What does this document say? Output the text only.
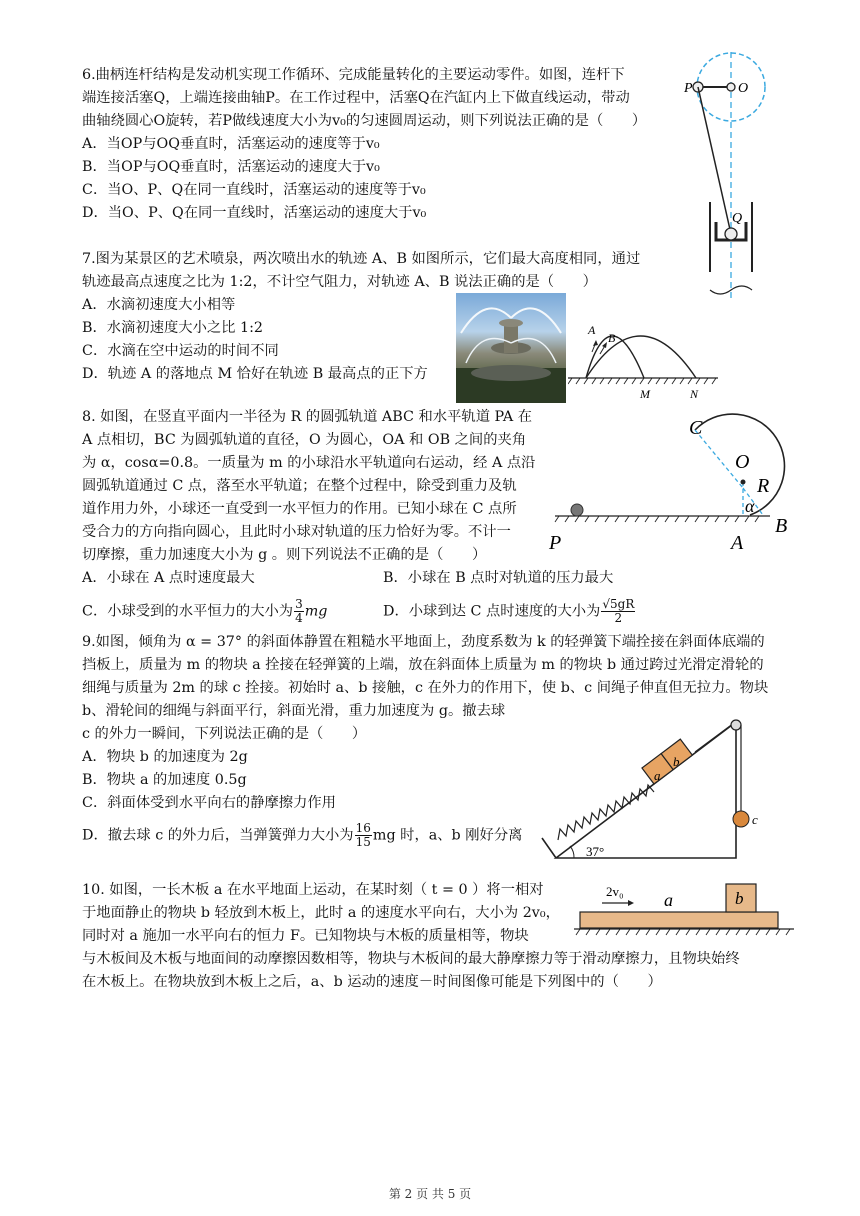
6.曲柄连杆结构是发动机实现工作循环、完成能量转化的主要运动零件。如图，连杆下
端连接活塞Q，上端连接曲轴P。在工作过程中，活塞Q在汽缸内上下做直线运动，带动
曲轴绕圆心O旋转，若P做线速度大小为v₀的匀速圆周运动，则下列说法正确的是（　　）
A．当OP与OQ垂直时，活塞运动的速度等于v₀
B．当OP与OQ垂直时，活塞运动的速度大于v₀
C．当O、P、Q在同一直线时，活塞运动的速度等于v₀
D．当O、P、Q在同一直线时，活塞运动的速度大于v₀
P	O
Q
7.图为某景区的艺术喷泉，两次喷出水的轨迹 A、B 如图所示，它们最大高度相同，通过
轨迹最高点速度之比为 1:2，不计空气阻力，对轨迹 A、B 说法正确的是（　　）
A．水滴初速度大小相等
B．水滴初速度大小之比 1:2
C．水滴在空中运动的时间不同
D．轨迹 A 的落地点 M 恰好在轨迹 B 最高点的正下方
A
B
M	N
8. 如图，在竖直平面内一半径为 R 的圆弧轨道 ABC 和水平轨道 PA 在
A 点相切，BC 为圆弧轨道的直径，O 为圆心，OA 和 OB 之间的夹角
为 α，cosα=0.8。一质量为 m 的小球沿水平轨道向右运动，经 A 点沿
圆弧轨道通过 C 点，落至水平轨道；在整个过程中，除受到重力及轨
道作用力外，小球还一直受到一水平恒力的作用。已知小球在 C 点所
受合力的方向指向圆心，且此时小球对轨道的压力恰好为零。不计一
切摩擦，重力加速度大小为 g 。则下列说法不正确的是（　　）
A．小球在 A 点时速度最大	B．小球在 B 点时对轨道的压力最大
C．小球受到的水平恒力的大小为 $\frac{3}{4}$ mg	D．小球到达 C 点时速度的大小为 $\frac{√5gR}{2}$
C
O
R
α
B
P	A
9.如图，倾角为 α = 37° 的斜面体静置在粗糙水平地面上，劲度系数为 k 的轻弹簧下端拴接在斜面体底端的
挡板上，质量为 m 的物块 a 拴接在轻弹簧的上端，放在斜面体上质量为 m 的物块 b 通过跨过光滑定滑轮的
细绳与质量为 2m 的球 c 拴接。初始时 a、b 接触，c 在外力的作用下，使 b、c 间绳子伸直但无拉力。物块
b、滑轮间的细绳与斜面平行，斜面光滑，重力加速度为 g。撤去球
c 的外力一瞬间，下列说法正确的是（　　）
A．物块 b 的加速度为 2g
B．物块 a 的加速度 0.5g
C．斜面体受到水平向右的静摩擦力作用
D．撤去球 c 的外力后，当弹簧弹力大小为 $\frac{16}{15}$ mg 时，a、b 刚好分离
a
b
c
37°
10. 如图，一长木板 a 在水平地面上运动，在某时刻（ t = 0 ）将一相对
于地面静止的物块 b 轻放到木板上，此时 a 的速度水平向右，大小为 2v₀，
同时对 a 施加一水平向右的恒力 F。已知物块与木板的质量相等，物块
与木板间及木板与地面间的动摩擦因数相等，物块与木板间的最大静摩擦力等于滑动摩擦力，且物块始终
在木板上。在物块放到木板上之后，a、b 运动的速度－时间图像可能是下列图中的（　　）
2v₀ a	b
第 2 页 共 5 页
